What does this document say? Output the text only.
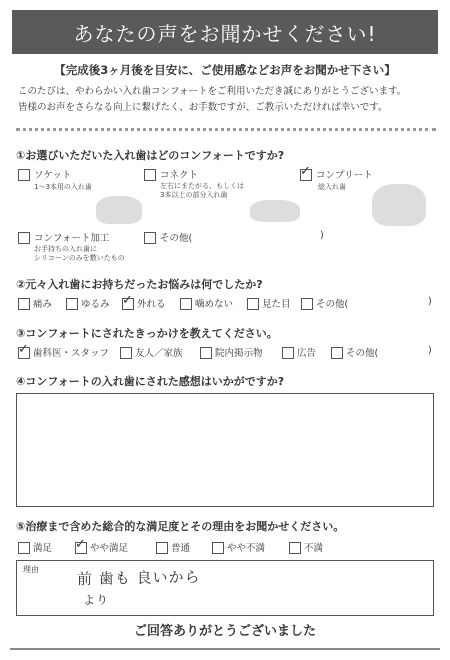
あなたの声をお聞かせください!
【完成後3ヶ月後を目安に、ご使用感などお声をお聞かせ下さい】
このたびは、やわらかい入れ歯コンフォートをご利用いただき誠にありがとうございます。
皆様のお声をさらなる向上に繋げたく、お手数ですが、ご教示いただければ幸いです。
①お選びいただいた入れ歯はどのコンフォートですか?
ソケット
1～3本用の入れ歯
コネクト
左右にまたがる、もしくは
3本以上の部分入れ歯
✓
コンプリート
総入れ歯
コンフォート加工
お手持ちの入れ歯に
シリコーンのみを敷いたもの
その他(	)
②元々入れ歯にお持ちだったお悩みは何でしたか?
痛み	ゆるみ ✓	外れる	噛めない	見た目	その他(	)
③コンフォートにされたきっかけを教えてください。
✓
歯科医・スタッフ	友人／家族	院内掲示物	広告	その他(	)
④コンフォートの入れ歯にされた感想はいかがですか?
⑤治療まで含めた総合的な満足度とその理由をお聞かせください。
満足 ✓	やや満足	普通	やや不満	不満
理由	前 歯も 良いから
より
ご回答ありがとうございました
